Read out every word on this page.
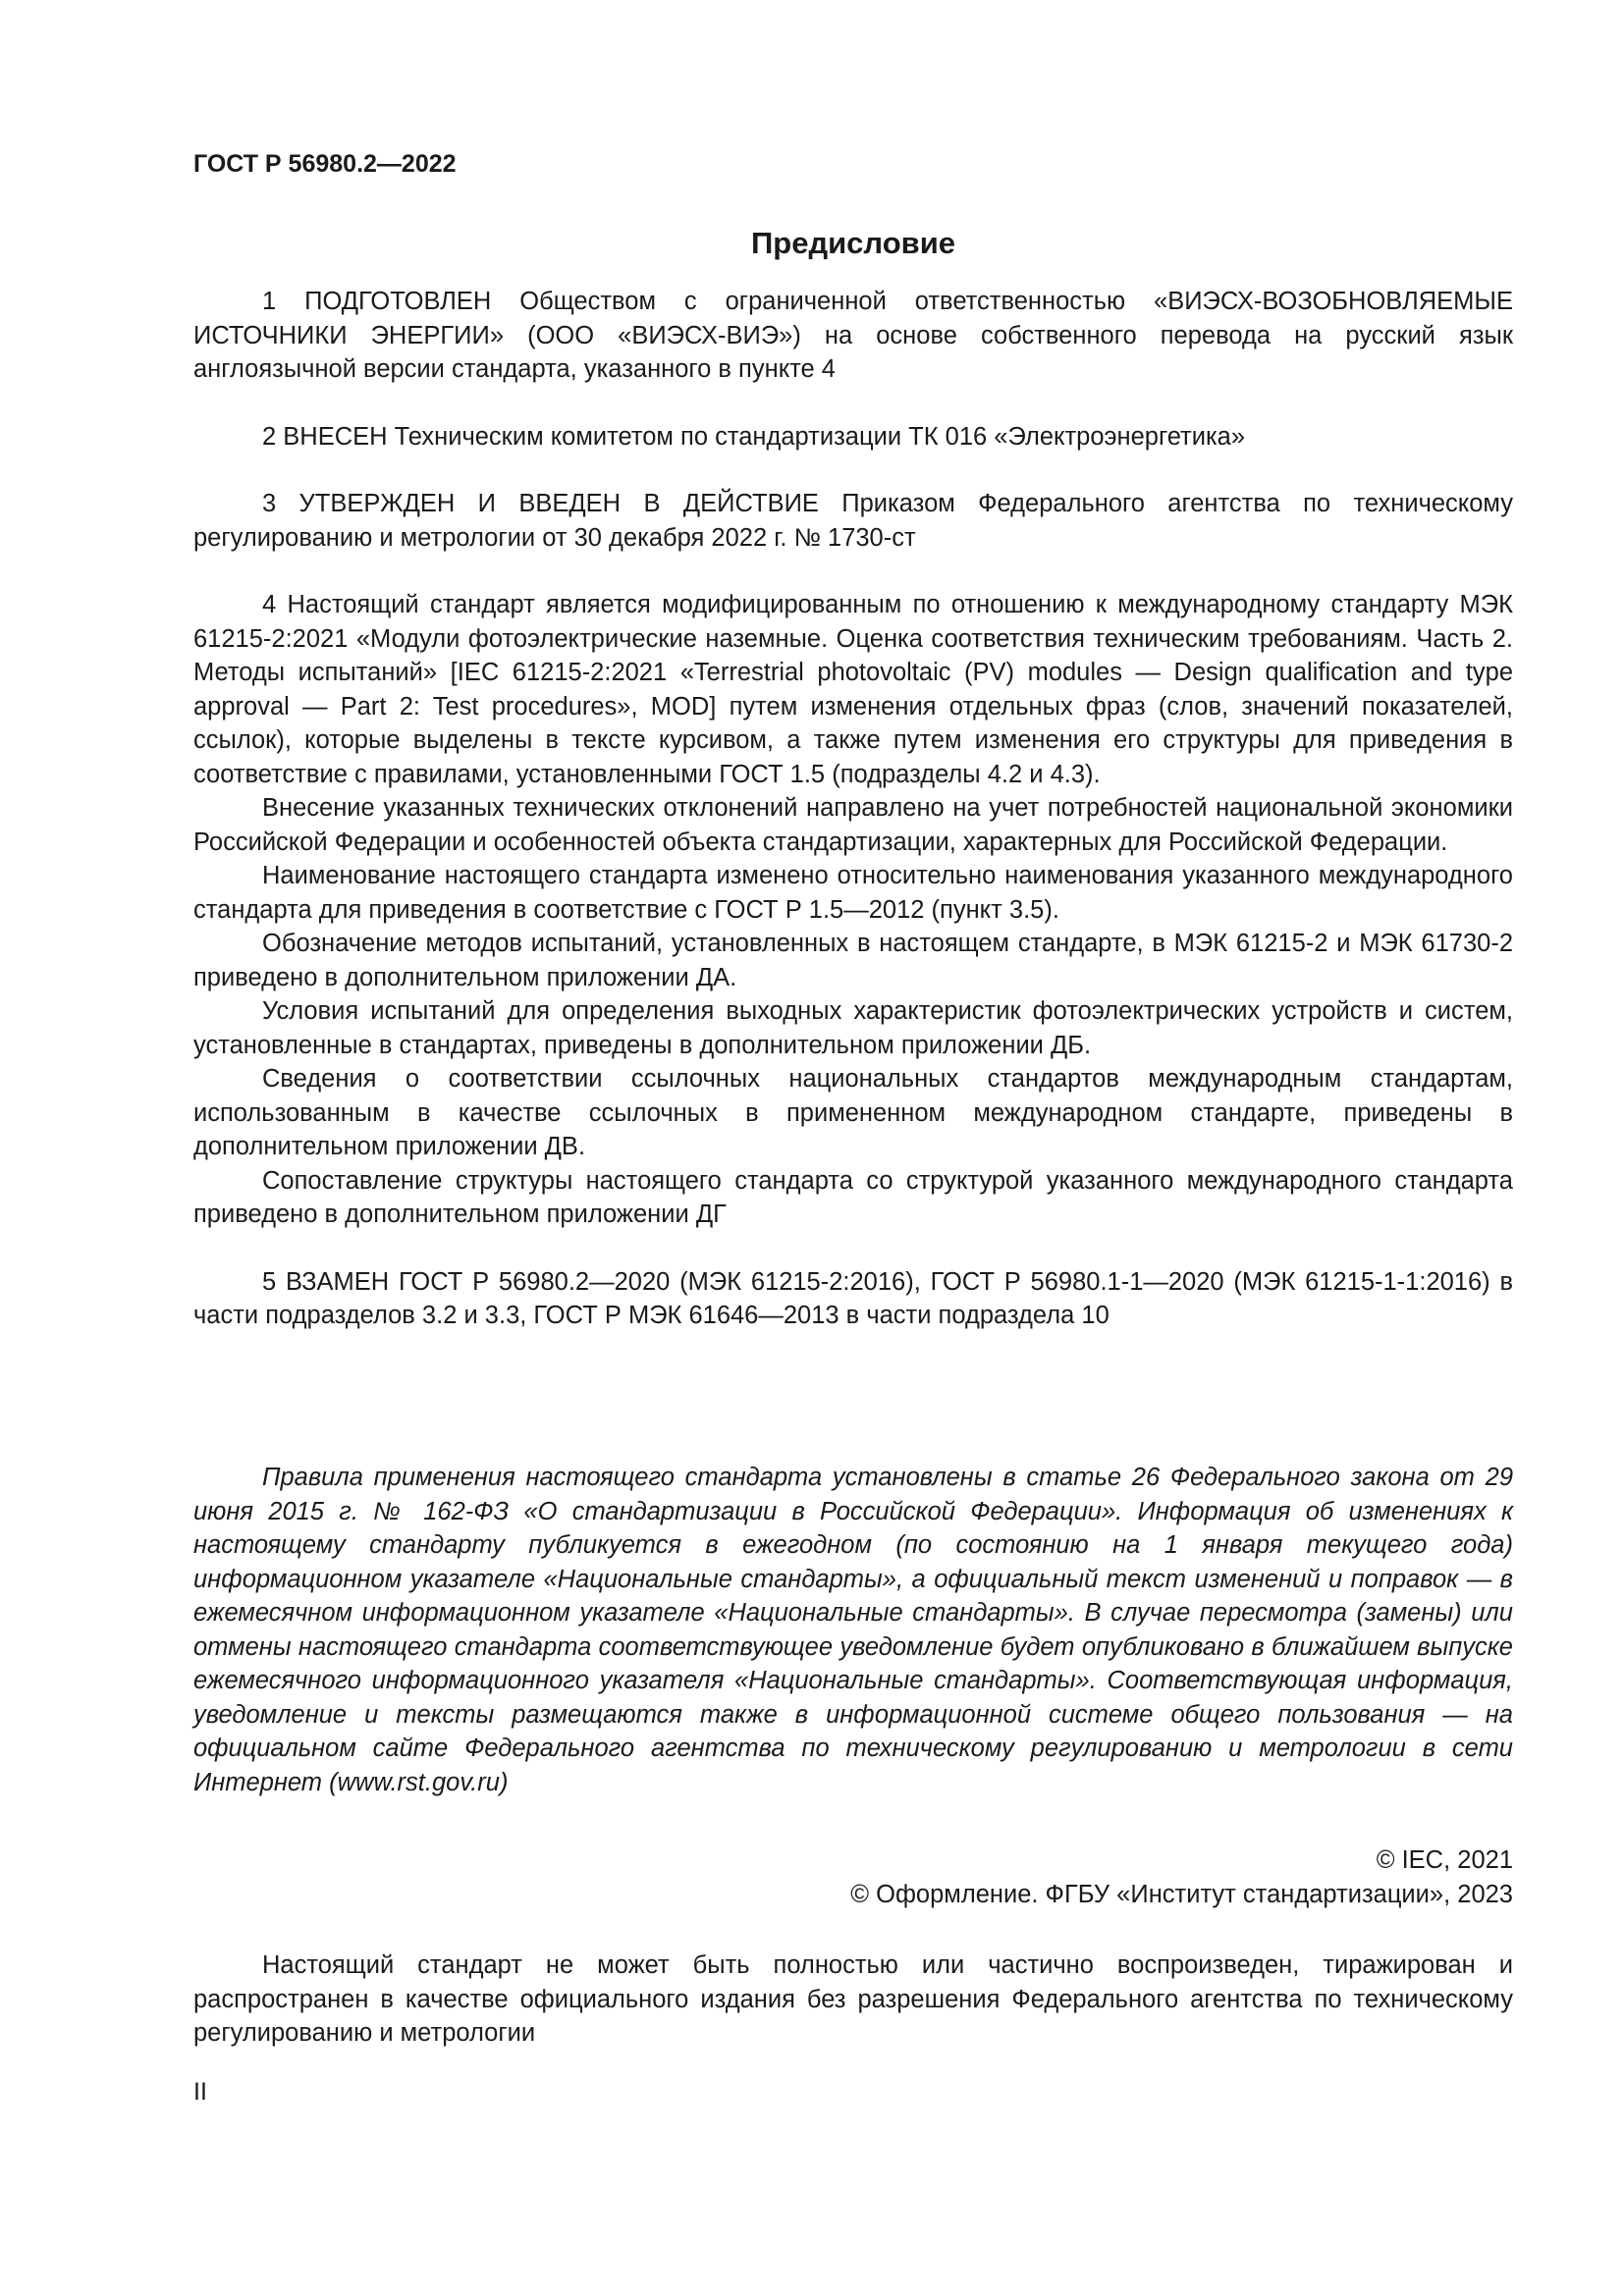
ГОСТ Р 56980.2—2022
Предисловие

1 ПОДГОТОВЛЕН Обществом с ограниченной ответственностью «ВИЭСХ-ВОЗОБНОВЛЯЕМЫЕ ИСТОЧНИКИ ЭНЕРГИИ» (ООО «ВИЭСХ-ВИЭ») на основе собственного перевода на русский язык англоязычной версии стандарта, указанного в пункте 4

2 ВНЕСЕН Техническим комитетом по стандартизации ТК 016 «Электроэнергетика»

3 УТВЕРЖДЕН И ВВЕДЕН В ДЕЙСТВИЕ Приказом Федерального агентства по техническому регулированию и метрологии от 30 декабря 2022 г. № 1730-ст

4 Настоящий стандарт является модифицированным по отношению к международному стандарту МЭК 61215-2:2021 «Модули фотоэлектрические наземные. Оценка соответствия техническим требованиям. Часть 2. Методы испытаний» [IEC 61215-2:2021 «Terrestrial photovoltaic (PV) modules — Design qualification and type approval — Part 2: Test procedures», MOD] путем изменения отдельных фраз (слов, значений показателей, ссылок), которые выделены в тексте курсивом, а также путем изменения его структуры для приведения в соответствие с правилами, установленными ГОСТ 1.5 (подразделы 4.2 и 4.3).

Внесение указанных технических отклонений направлено на учет потребностей национальной экономики Российской Федерации и особенностей объекта стандартизации, характерных для Российской Федерации.

Наименование настоящего стандарта изменено относительно наименования указанного международного стандарта для приведения в соответствие с ГОСТ Р 1.5—2012 (пункт 3.5).

Обозначение методов испытаний, установленных в настоящем стандарте, в МЭК 61215-2 и МЭК 61730-2 приведено в дополнительном приложении ДА.

Условия испытаний для определения выходных характеристик фотоэлектрических устройств и систем, установленные в стандартах, приведены в дополнительном приложении ДБ.

Сведения о соответствии ссылочных национальных стандартов международным стандартам, использованным в качестве ссылочных в примененном международном стандарте, приведены в дополнительном приложении ДВ.

Сопоставление структуры настоящего стандарта со структурой указанного международного стандарта приведено в дополнительном приложении ДГ

5 ВЗАМЕН ГОСТ Р 56980.2—2020 (МЭК 61215-2:2016), ГОСТ Р 56980.1-1—2020 (МЭК 61215-1-1:2016) в части подразделов 3.2 и 3.3, ГОСТ Р МЭК 61646—2013 в части подраздела 10

Правила применения настоящего стандарта установлены в статье 26 Федерального закона от 29 июня 2015 г. № 162-ФЗ «О стандартизации в Российской Федерации». Информация об изменениях к настоящему стандарту публикуется в ежегодном (по состоянию на 1 января текущего года) информационном указателе «Национальные стандарты», а официальный текст изменений и поправок — в ежемесячном информационном указателе «Национальные стандарты». В случае пересмотра (замены) или отмены настоящего стандарта соответствующее уведомление будет опубликовано в ближайшем выпуске ежемесячного информационного указателя «Национальные стандарты». Соответствующая информация, уведомление и тексты размещаются также в информационной системе общего пользования — на официальном сайте Федерального агентства по техническому регулированию и метрологии в сети Интернет (www.rst.gov.ru)

© IEC, 2021
© Оформление. ФГБУ «Институт стандартизации», 2023

Настоящий стандарт не может быть полностью или частично воспроизведен, тиражирован и распространен в качестве официального издания без разрешения Федерального агентства по техническому регулированию и метрологии

II
